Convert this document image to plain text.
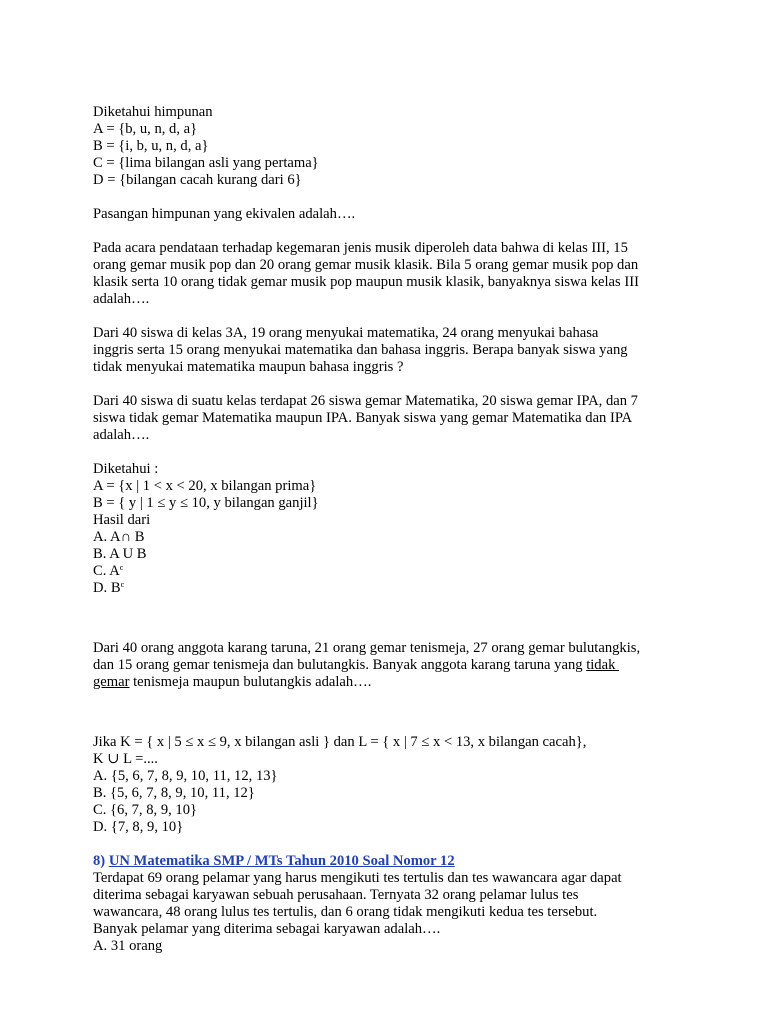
Diketahui himpunan
A = {b, u, n, d, a}
B = {i, b, u, n, d, a}
C = {lima bilangan asli yang pertama}
D = {bilangan cacah kurang dari 6}
Pasangan himpunan yang ekivalen adalah….
Pada acara pendataan terhadap kegemaran jenis musik diperoleh data bahwa di kelas III, 15
orang gemar musik pop dan 20 orang gemar musik klasik. Bila 5 orang gemar musik pop dan
klasik serta 10 orang tidak gemar musik pop maupun musik klasik, banyaknya siswa kelas III
adalah….
Dari 40 siswa di kelas 3A, 19 orang menyukai matematika, 24 orang menyukai bahasa
inggris serta 15 orang menyukai matematika dan bahasa inggris. Berapa banyak siswa yang
tidak menyukai matematika maupun bahasa inggris ?
Dari 40 siswa di suatu kelas terdapat 26 siswa gemar Matematika, 20 siswa gemar IPA, dan 7
siswa tidak gemar Matematika maupun IPA. Banyak siswa yang gemar Matematika dan IPA
adalah….
Diketahui :
A = {x | 1 < x < 20, x bilangan prima}
B = { y | 1 ≤ y ≤ 10, y bilangan ganjil}
Hasil dari
A. A∩ B
B. A U B
C. $A^c$
D. $B^c$
Dari 40 orang anggota karang taruna, 21 orang gemar tenismeja, 27 orang gemar bulutangkis,
dan 15 orang gemar tenismeja dan bulutangkis. Banyak anggota karang taruna yang tidak
gemar tenismeja maupun bulutangkis adalah….
Jika K = { x | 5 ≤ x ≤ 9, x bilangan asli } dan L = { x | 7 ≤ x < 13, x bilangan cacah},
K ∪ L =....
A. {5, 6, 7, 8, 9, 10, 11, 12, 13}
B. {5, 6, 7, 8, 9, 10, 11, 12}
C. {6, 7, 8, 9, 10}
D. {7, 8, 9, 10}
8) UN Matematika SMP / MTs Tahun 2010 Soal Nomor 12
Terdapat 69 orang pelamar yang harus mengikuti tes tertulis dan tes wawancara agar dapat
diterima sebagai karyawan sebuah perusahaan. Ternyata 32 orang pelamar lulus tes
wawancara, 48 orang lulus tes tertulis, dan 6 orang tidak mengikuti kedua tes tersebut.
Banyak pelamar yang diterima sebagai karyawan adalah….
A. 31 orang
